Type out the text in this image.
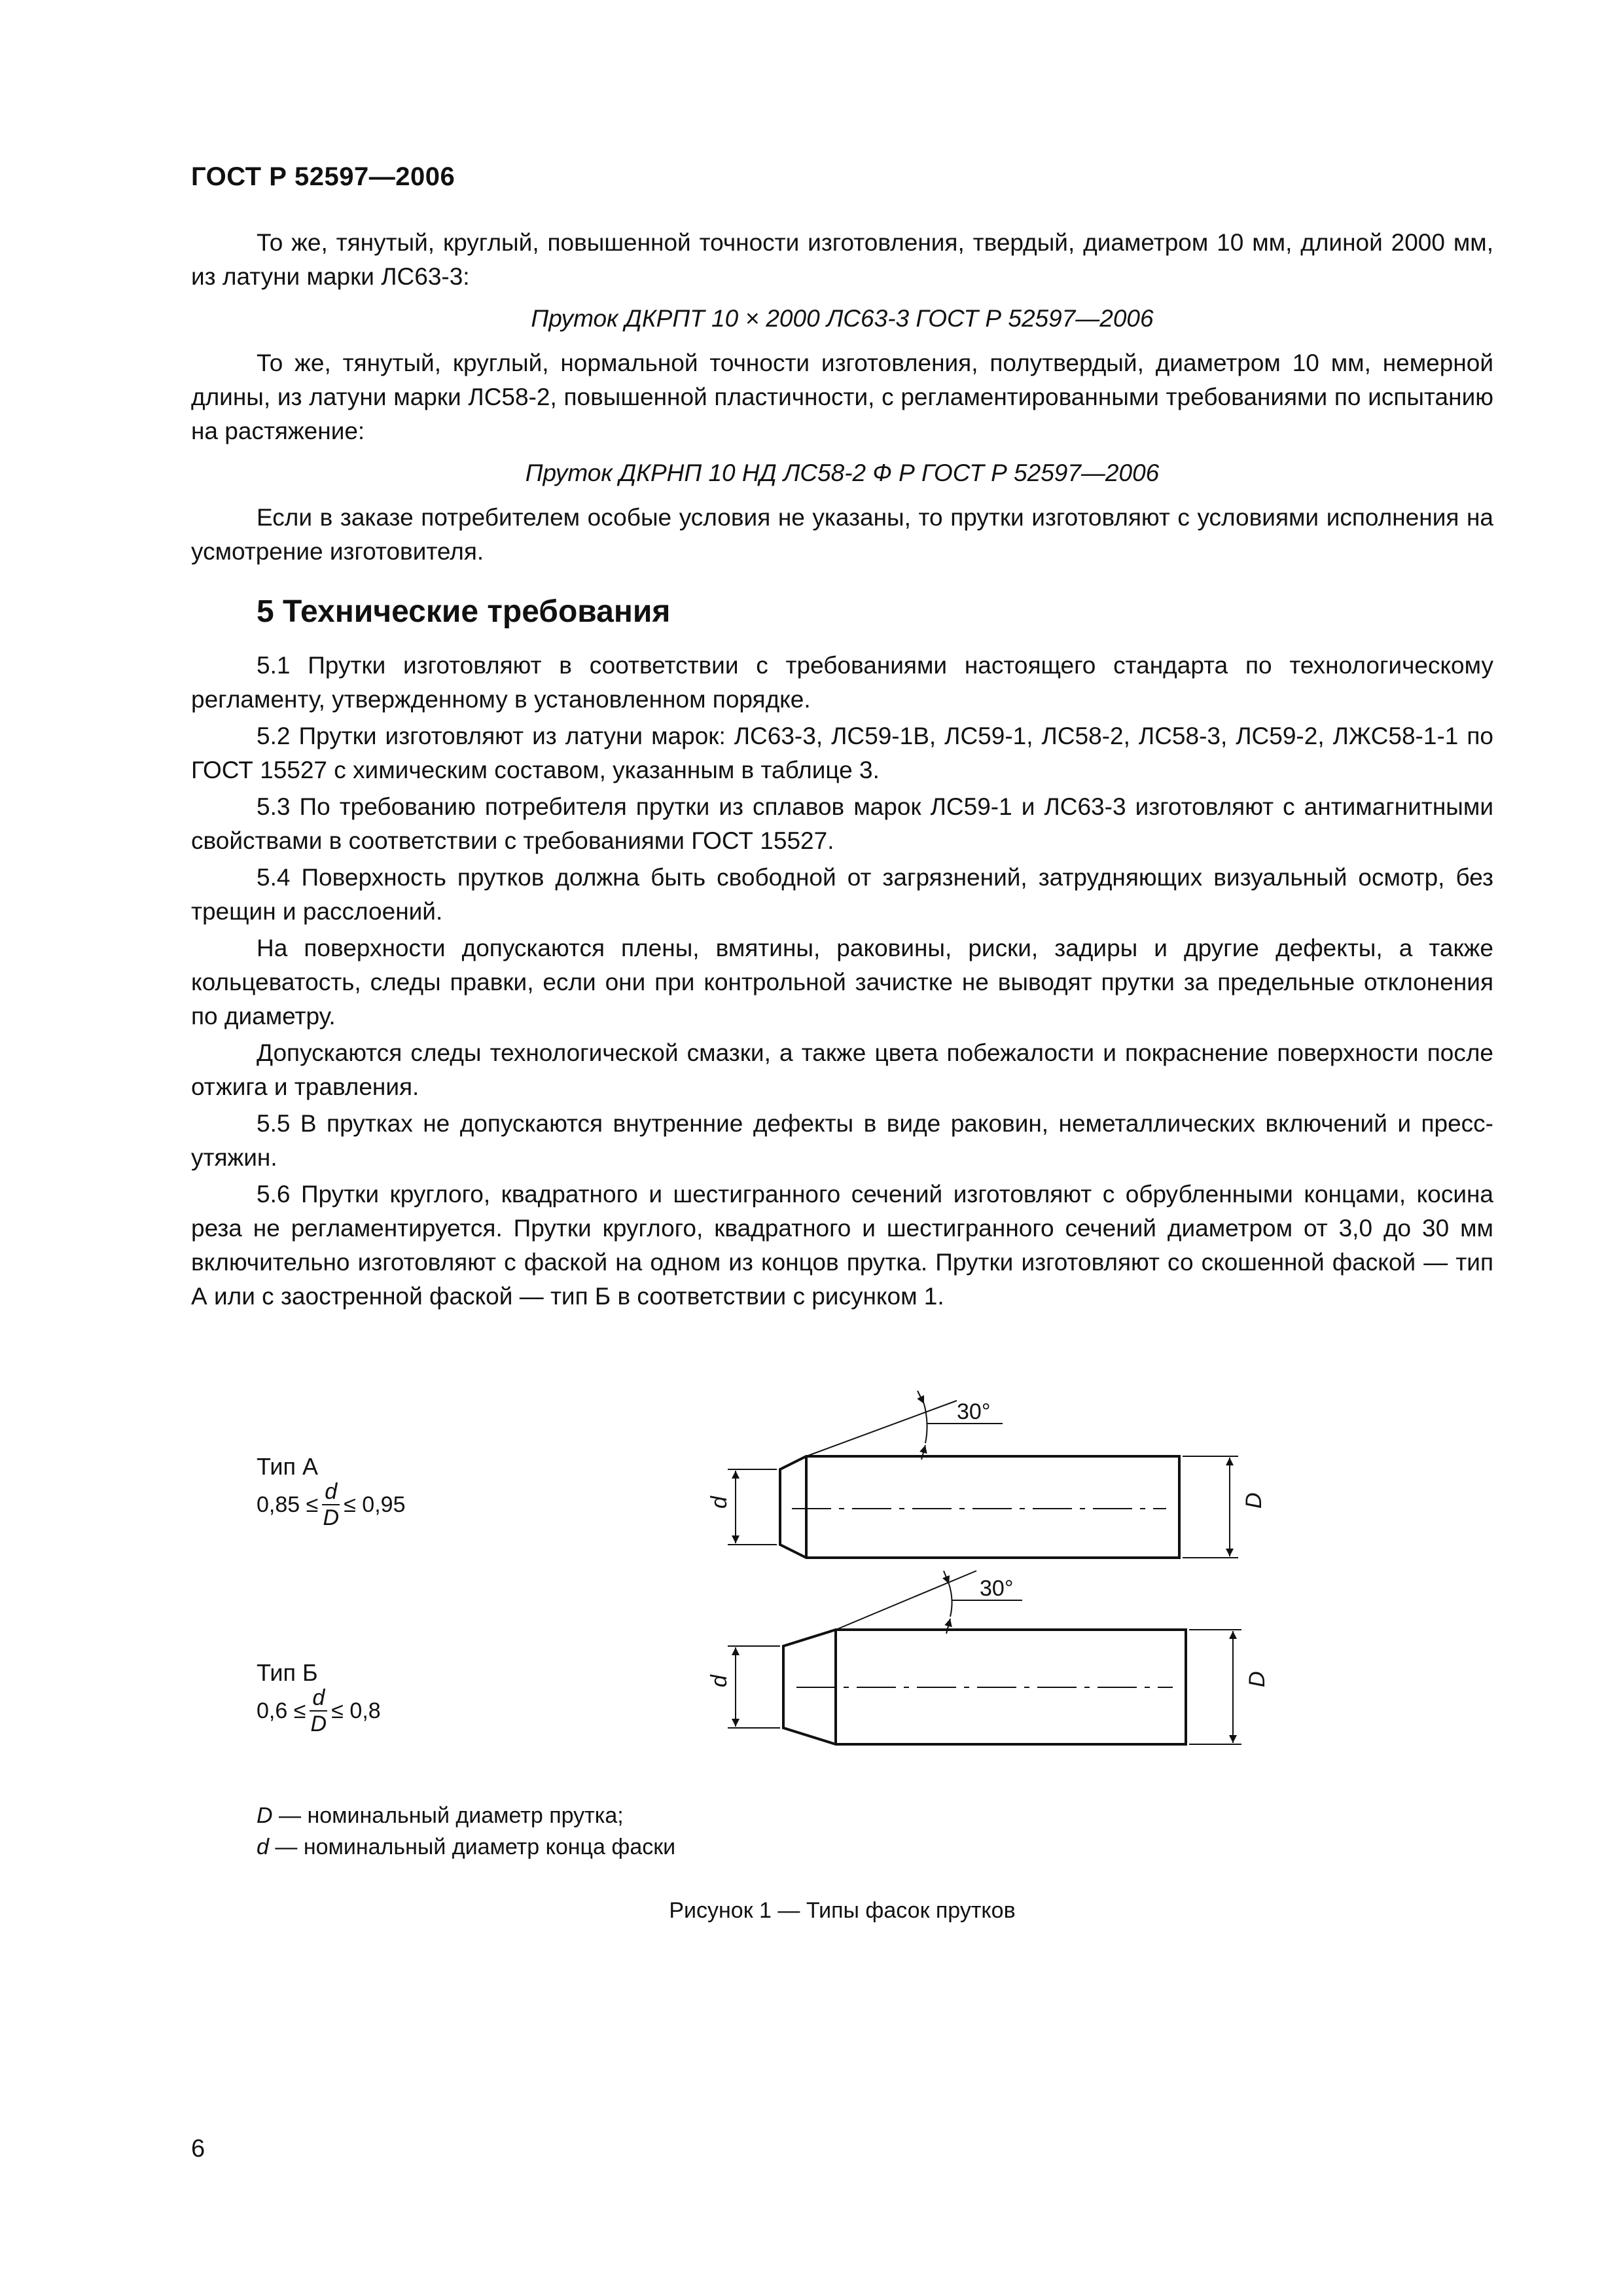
ГОСТ Р 52597—2006

То же, тянутый, круглый, повышенной точности изготовления, твердый, диаметром 10 мм, длиной 2000 мм, из латуни марки ЛС63-3:

Пруток ДКРПТ 10 × 2000 ЛС63-3 ГОСТ Р 52597—2006

То же, тянутый, круглый, нормальной точности изготовления, полутвердый, диаметром 10 мм, немерной длины, из латуни марки ЛС58-2, повышенной пластичности, с регламентированными требованиями по испытанию на растяжение:

Пруток ДКРНП 10 НД ЛС58-2 Ф Р ГОСТ Р 52597—2006

Если в заказе потребителем особые условия не указаны, то прутки изготовляют с условиями исполнения на усмотрение изготовителя.

5 Технические требования

5.1 Прутки изготовляют в соответствии с требованиями настоящего стандарта по технологическому регламенту, утвержденному в установленном порядке.

5.2 Прутки изготовляют из латуни марок: ЛС63-3, ЛС59-1В, ЛС59-1, ЛС58-2, ЛС58-3, ЛС59-2, ЛЖС58-1-1 по ГОСТ 15527 с химическим составом, указанным в таблице 3.

5.3 По требованию потребителя прутки из сплавов марок ЛС59-1 и ЛС63-3 изготовляют с антимагнитными свойствами в соответствии с требованиями ГОСТ 15527.

5.4 Поверхность прутков должна быть свободной от загрязнений, затрудняющих визуальный осмотр, без трещин и расслоений.

На поверхности допускаются плены, вмятины, раковины, риски, задиры и другие дефекты, а также кольцеватость, следы правки, если они при контрольной зачистке не выводят прутки за предельные отклонения по диаметру.

Допускаются следы технологической смазки, а также цвета побежалости и покраснение поверхности после отжига и травления.

5.5 В прутках не допускаются внутренние дефекты в виде раковин, неметаллических включений и пресс-утяжин.

5.6 Прутки круглого, квадратного и шестигранного сечений изготовляют с обрубленными концами, косина реза не регламентируется. Прутки круглого, квадратного и шестигранного сечений диаметром от 3,0 до 30 мм включительно изготовляют с фаской на одном из концов прутка. Прутки изготовляют со скошенной фаской — тип А или с заостренной фаской — тип Б в соответствии с рисунком 1.

Тип А
$0,85 \le \frac{d}{D} \le 0,95$
Тип Б
$0,6 \le \frac{d}{D} \le 0,8$
30°
d	D
30°
d	D
D — номинальный диаметр прутка;
d — номинальный диаметр конца фаски
Рисунок 1 — Типы фасок прутков
6
